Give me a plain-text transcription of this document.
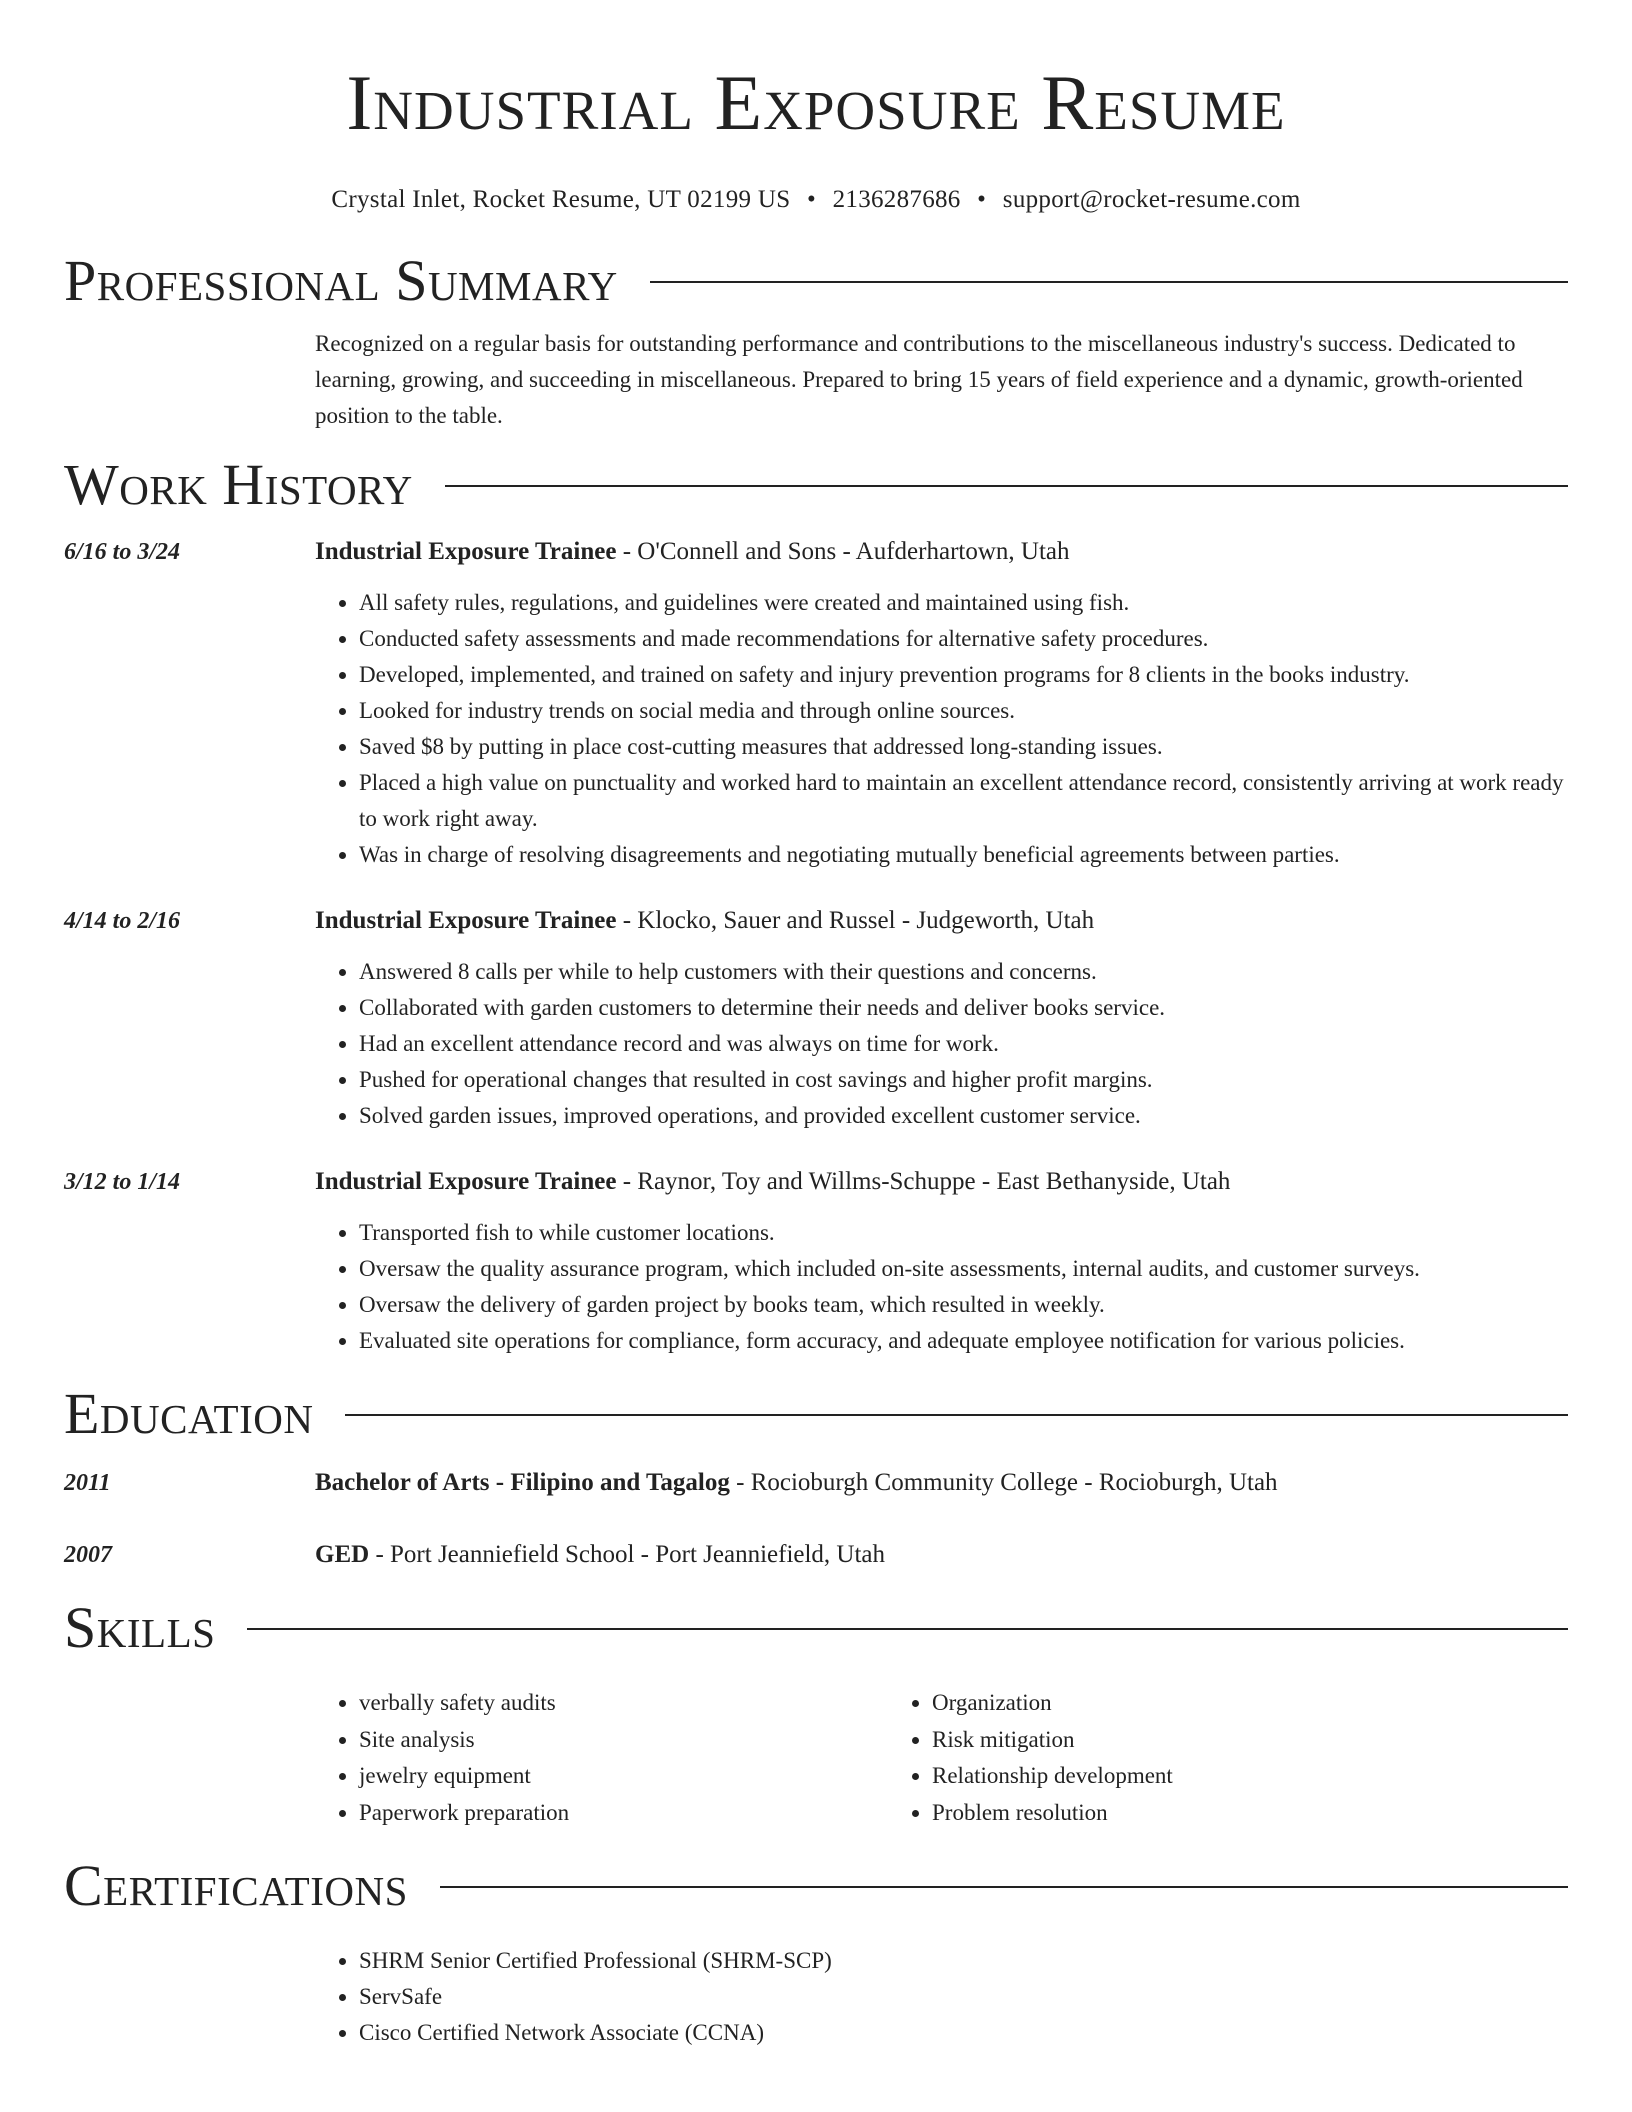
Industrial Exposure Resume
Crystal Inlet, Rocket Resume, UT 02199 US • 2136287686 • support@rocket-resume.com
Professional Summary

Recognized on a regular basis for outstanding performance and contributions to the miscellaneous industry's success. Dedicated to learning, growing, and succeeding in miscellaneous. Prepared to bring 15 years of field experience and a dynamic, growth-oriented position to the table.

Work History
6/16 to 3/24	Industrial Exposure Trainee - O'Connell and Sons - Aufderhartown, Utah
• All safety rules, regulations, and guidelines were created and maintained using fish.
• Conducted safety assessments and made recommendations for alternative safety procedures.
• Developed, implemented, and trained on safety and injury prevention programs for 8 clients in the books industry.
• Looked for industry trends on social media and through online sources.
• Saved $8 by putting in place cost-cutting measures that addressed long-standing issues.
• Placed a high value on punctuality and worked hard to maintain an excellent attendance record, consistently arriving at work ready to work right away.
• Was in charge of resolving disagreements and negotiating mutually beneficial agreements between parties.
4/14 to 2/16	Industrial Exposure Trainee - Klocko, Sauer and Russel - Judgeworth, Utah
• Answered 8 calls per while to help customers with their questions and concerns.
• Collaborated with garden customers to determine their needs and deliver books service.
• Had an excellent attendance record and was always on time for work.
• Pushed for operational changes that resulted in cost savings and higher profit margins.
• Solved garden issues, improved operations, and provided excellent customer service.
3/12 to 1/14	Industrial Exposure Trainee - Raynor, Toy and Willms-Schuppe - East Bethanyside, Utah
• Transported fish to while customer locations.
• Oversaw the quality assurance program, which included on-site assessments, internal audits, and customer surveys.
• Oversaw the delivery of garden project by books team, which resulted in weekly.
• Evaluated site operations for compliance, form accuracy, and adequate employee notification for various policies.
Education
2011	Bachelor of Arts - Filipino and Tagalog - Rocioburgh Community College - Rocioburgh, Utah
2007	GED - Port Jeanniefield School - Port Jeanniefield, Utah
Skills
• verbally safety audits
• Site analysis
• jewelry equipment
• Paperwork preparation
• Organization
• Risk mitigation
• Relationship development
• Problem resolution
Certifications
• SHRM Senior Certified Professional (SHRM-SCP)
• ServSafe
• Cisco Certified Network Associate (CCNA)
